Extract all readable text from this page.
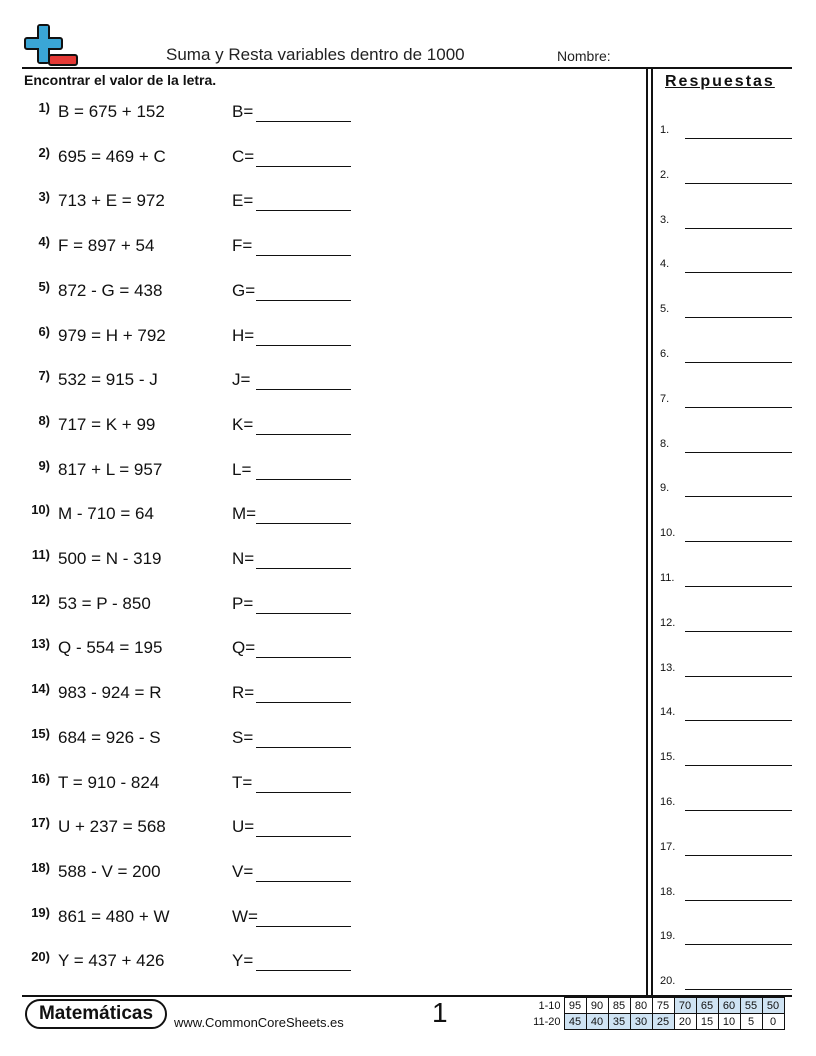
Suma y Resta variables dentro de 1000	Nombre:
Encontrar el valor de la letra.
1) B = 675 + 152	B=
2) 695 = 469 + C	C=
3) 713 + E = 972	E=
4) F = 897 + 54	F=
5) 872 - G = 438	G=
6) 979 = H + 792	H=
7) 532 = 915 - J	J=
8) 717 = K + 99	K=
9) 817 + L = 957	L=
10) M - 710 = 64	M=
11) 500 = N - 319	N=
12) 53 = P - 850	P=
13) Q - 554 = 195	Q=
14) 983 - 924 = R	R=
15) 684 = 926 - S	S=
16) T = 910 - 824	T=
17) U + 237 = 568	U=
18) 588 - V = 200	V=
19) 861 = 480 + W	W=
20) Y = 437 + 426	Y=
Respuestas
1.
2.
3.
4.
5.
6.
7.
8.
9.
10.
11.
12.
13.
14.
15.
16.
17.
18.
19.
20.
Matemáticas	www.CommonCoreSheets.es	1	1-10	95	90	85	80	75	70	65	60	55	50
11-20	45	40	35	30	25	20	15	10	5	0
